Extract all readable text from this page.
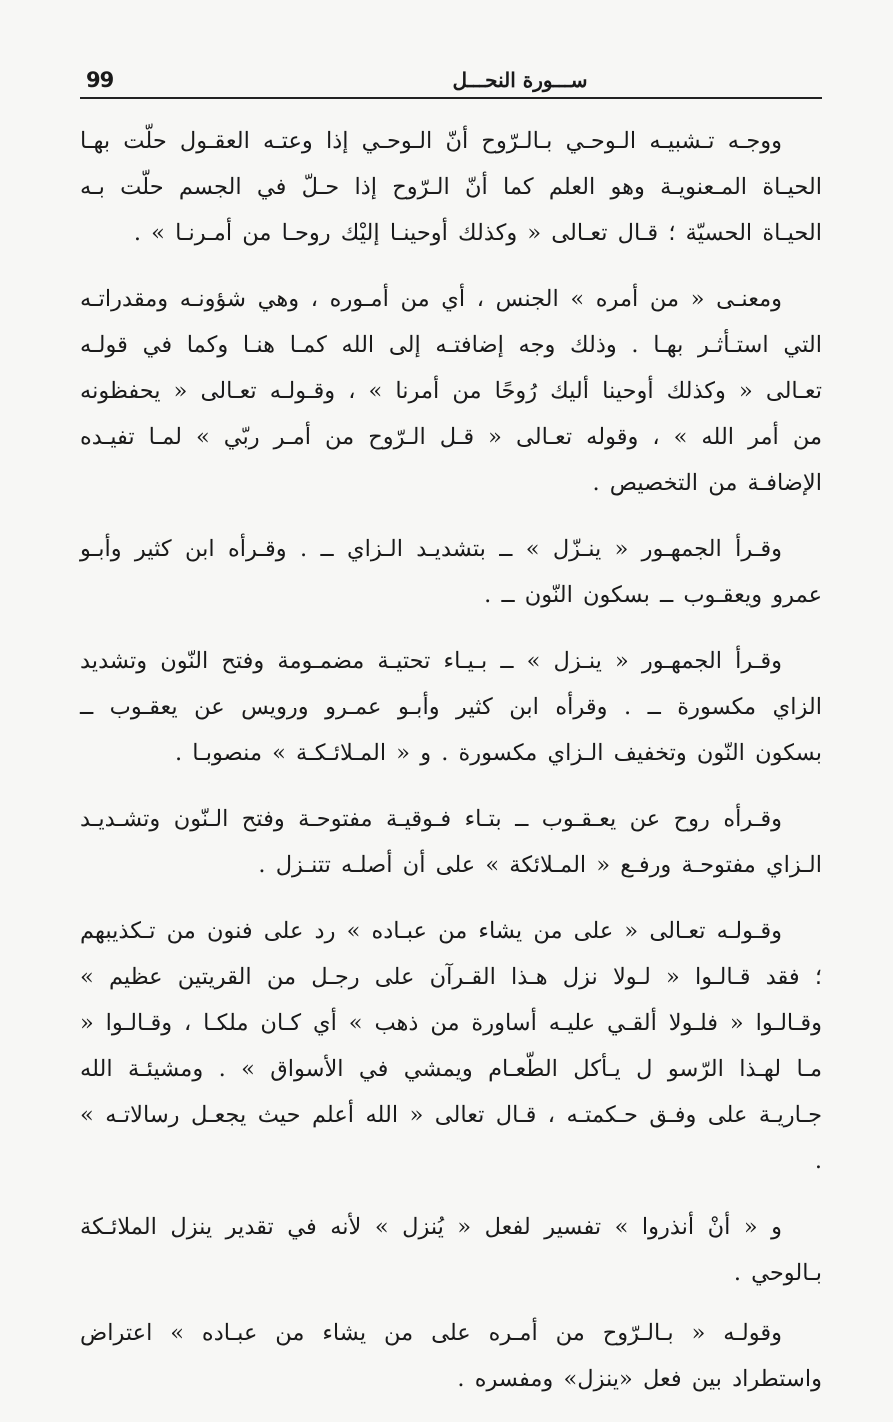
99	ســـورة النحـــل

ووجـه تـشبيـه الـوحـي بـالـرّوح أنّ الـوحـي إذا وعتـه العقـول حلّت بهـا الحيـاة المـعنويـة وهو العلم كما أنّ الـرّوح إذا حـلّ في الجسم حلّت بـه الحيـاة الحسيّة ؛ قـال تعـالى « وكذلك أوحينـا إليْك روحـا من أمـرنـا » .

ومعنـى « من أمره » الجنس ، أي من أمـوره ، وهي شؤونـه ومقدراتـه التي استـأثـر بهـا . وذلك وجه إضافتـه إلى الله كمـا هنـا وكما في قولـه تعـالى « وكذلك أوحينا أليك رُوحًا من أمرنا » ، وقـولـه تعـالى « يحفظونه من أمر الله » ، وقوله تعـالى « قـل الـرّوح من أمـر ربّي » لمـا تفيـده الإضافـة من التخصيص .

وقـرأ الجمهـور « ينـزّل » ــ بتشديـد الـزاي ــ . وقـرأه ابن كثير وأبـو عمرو ويعقـوب ــ بسكون النّون ــ .

وقـرأ الجمهـور « ينـزل » ــ بـيـاء تحتيـة مضمـومة وفتح النّون وتشديد الزاي مكسورة ــ . وقرأه ابن كثير وأبـو عمـرو ورويس عن يعقـوب ــ بسكون النّون وتخفيف الـزاي مكسورة . و « المـلائـكـة » منصوبـا .

وقـرأه روح عن يعـقـوب ــ بتـاء فـوقيـة مفتوحـة وفتح الـنّون وتشـديـد الـزاي مفتوحـة ورفـع « المـلائكة » على أن أصلـه تتنـزل .

وقـولـه تعـالى « على من يشاء من عبـاده » رد على فنون من تـكذيبهم ؛ فقد قـالـوا « لـولا نزل هـذا القـرآن على رجـل من القريتين عظيم » وقـالـوا « فلـولا ألقـي عليـه أساورة من ذهب » أي كـان ملكـا ، وقـالـوا « مـا لهـذا الرّسو ل يـأكل الطّعـام ويمشي في الأسواق » . ومشيئـة الله جـاريـة على وفـق حـكمتـه ، قـال تعالى « الله أعلم حيث يجعـل رسالاتـه » .

و « أنْ أنذروا » تفسير لفعل « يُنزل » لأنه في تقدير ينزل الملائـكة بـالوحي .

وقولـه « بـالـرّوح من أمـره على من يشاء من عبـاده » اعتراض واستطراد بين فعل «ينزل» ومفسره .
